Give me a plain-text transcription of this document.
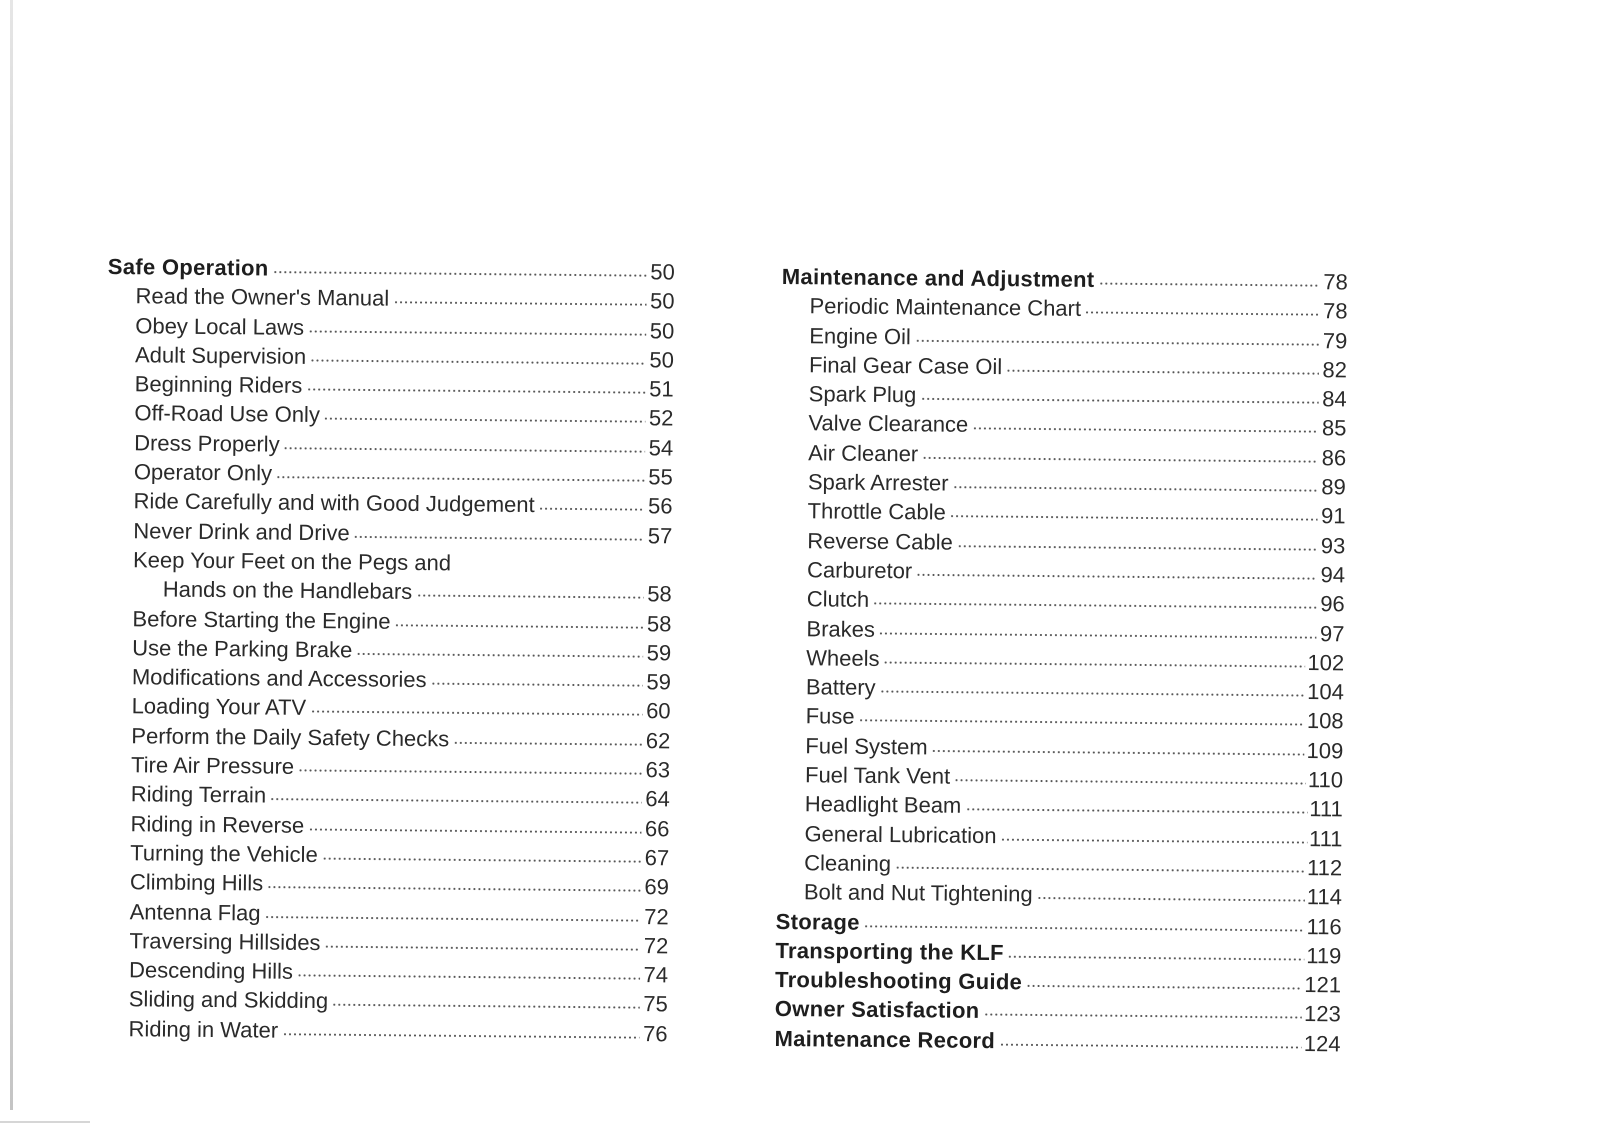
Safe Operation	50
Read the Owner's Manual	50
Obey Local Laws	50
Adult Supervision	50
Beginning Riders	51
Off-Road Use Only	52
Dress Properly	54
Operator Only	55
Ride Carefully and with Good Judgement	56
Never Drink and Drive	57
Keep Your Feet on the Pegs and
Hands on the Handlebars	58
Before Starting the Engine	58
Use the Parking Brake	59
Modifications and Accessories	59
Loading Your ATV	60
Perform the Daily Safety Checks	62
Tire Air Pressure	63
Riding Terrain	64
Riding in Reverse	66
Turning the Vehicle	67
Climbing Hills	69
Antenna Flag	72
Traversing Hillsides	72
Descending Hills	74
Sliding and Skidding	75
Riding in Water	76
Maintenance and Adjustment	78
Periodic Maintenance Chart	78
Engine Oil	79
Final Gear Case Oil	82
Spark Plug	84
Valve Clearance	85
Air Cleaner	86
Spark Arrester	89
Throttle Cable	91
Reverse Cable	93
Carburetor	94
Clutch	96
Brakes	97
Wheels	102
Battery	104
Fuse	108
Fuel System	109
Fuel Tank Vent	110
Headlight Beam	111
General Lubrication	111
Cleaning	112
Bolt and Nut Tightening	114
Storage	116
Transporting the KLF	119
Troubleshooting Guide	121
Owner Satisfaction	123
Maintenance Record	124
